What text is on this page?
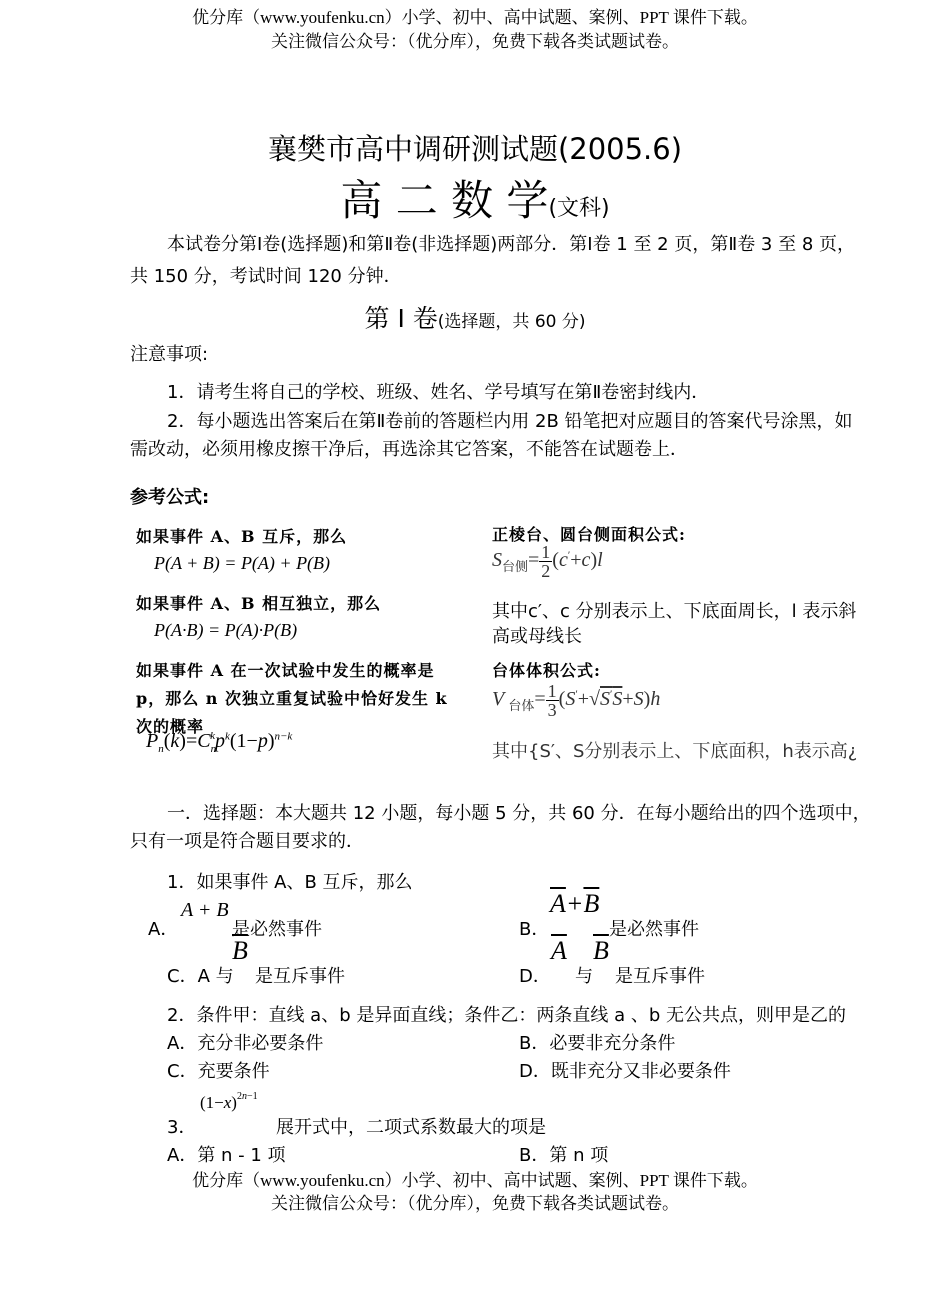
优分库（www.youfenku.cn）小学、初中、高中试题、案例、PPT 课件下载。
关注微信公众号：（优分库），免费下载各类试题试卷。
襄樊市高中调研测试题(2005.6)
高 二 数 学(文科)
本试卷分第Ⅰ卷(选择题)和第Ⅱ卷(非选择题)两部分．第Ⅰ卷 1 至 2 页，第Ⅱ卷 3 至 8 页，
共 150 分，考试时间 120 分钟．
第 Ⅰ 卷(选择题，共 60 分)
注意事项:
1．请考生将自己的学校、班级、姓名、学号填写在第Ⅱ卷密封线内．
2．每小题选出答案后在第Ⅱ卷前的答题栏内用 2B 铅笔把对应题目的答案代号涂黑，如
需改动，必须用橡皮擦干净后，再选涂其它答案，不能答在试题卷上．
参考公式:
如果事件 A、B 互斥，那么
P(A + B) = P(A) + P(B)
如果事件 A、B 相互独立，那么
P(A·B) = P(A)·P(B)
如果事件 A 在一次试验中发生的概率是
p，那么 n 次独立重复试验中恰好发生 k
次的概率
$P_n(k)=C_n^kp^k(1-p)^{n-k}$
正棱台、圆台侧面积公式:
$S_{台侧}= \frac{1}{2} (c'+c)l$
其中c′、c 分别表示上、下底面周长，l 表示斜
高或母线长
台体体积公式:
V $_{台体}= \frac{1}{3} (S'+√S'S+S)h$
其中{S′、S分别表示上、下底面积，h表示高¿
一．选择题：本大题共 12 小题，每小题 5 分，共 60 分．在每小题给出的四个选项中，
只有一项是符合题目要求的．
1．如果事件 A、B 互斥，那么
A．
A + B
是必然事件	B．
$\overline{A}+\overline{B}$
是必然事件
C．A 与
$\overline{B}$
是互斥事件	D．
$\overline{A}$
与
$\overline{B}$
是互斥事件
2．条件甲：直线 a、b 是异面直线；条件乙：两条直线 a 、b 无公共点，则甲是乙的
A．充分非必要条件	B．必要非充分条件
C．充要条件	D．既非充分又非必要条件
3．
$(1-x)^{2n-1}$
展开式中，二项式系数最大的项是
A．第 n - 1 项	B．第 n 项
优分库（www.youfenku.cn）小学、初中、高中试题、案例、PPT 课件下载。
关注微信公众号：（优分库），免费下载各类试题试卷。
